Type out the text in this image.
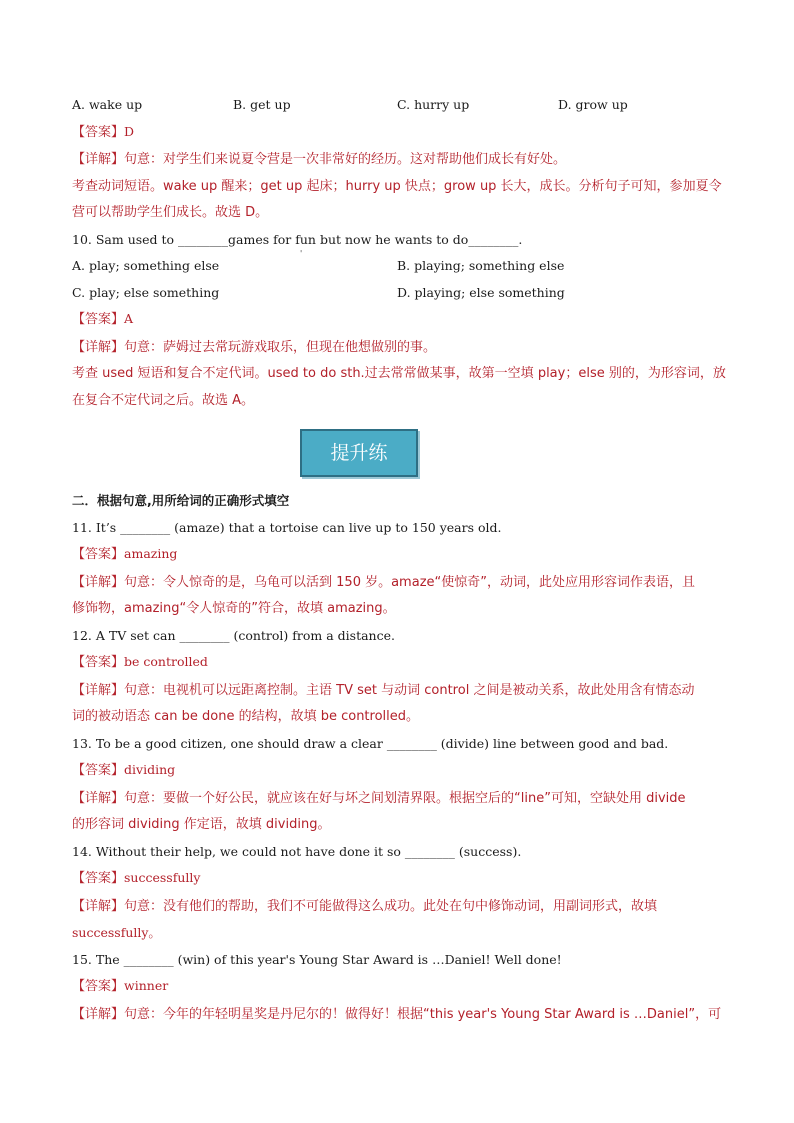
A. wake up	B. get up	C. hurry up	D. grow up
【答案】D
【详解】句意：对学生们来说夏令营是一次非常好的经历。这对帮助他们成长有好处。
考查动词短语。wake up 醒来；get up 起床；hurry up 快点；grow up 长大，成长。分析句子可知，参加夏令
营可以帮助学生们成长。故选 D。
10. Sam used to ________games for fun but now he wants to do________.
'
A. play; something else	B. playing; something else
C. play; else something	D. playing; else something
【答案】A
【详解】句意：萨姆过去常玩游戏取乐，但现在他想做别的事。
考查 used 短语和复合不定代词。used to do sth.过去常常做某事，故第一空填 play；else 别的，为形容词，放
在复合不定代词之后。故选 A。
提升练
二．根据句意,用所给词的正确形式填空
11. It’s ________ (amaze) that a tortoise can live up to 150 years old.
【答案】amazing
【详解】句意：令人惊奇的是，乌龟可以活到 150 岁。amaze“使惊奇”，动词，此处应用形容词作表语，且
修饰物，amazing“令人惊奇的”符合，故填 amazing。
12. A TV set can ________ (control) from a distance.
【答案】be controlled
【详解】句意：电视机可以远距离控制。主语 TV set 与动词 control 之间是被动关系，故此处用含有情态动
词的被动语态 can be done 的结构，故填 be controlled。
13. To be a good citizen, one should draw a clear ________ (divide) line between good and bad.
【答案】dividing
【详解】句意：要做一个好公民，就应该在好与坏之间划清界限。根据空后的“line”可知，空缺处用 divide
的形容词 dividing 作定语，故填 dividing。
14. Without their help, we could not have done it so ________ (success).
【答案】successfully
【详解】句意：没有他们的帮助，我们不可能做得这么成功。此处在句中修饰动词，用副词形式，故填
successfully。
15. The ________ (win) of this year's Young Star Award is …Daniel! Well done!
【答案】winner
【详解】句意：今年的年轻明星奖是丹尼尔的！做得好！根据“this year's Young Star Award is …Daniel”，可
